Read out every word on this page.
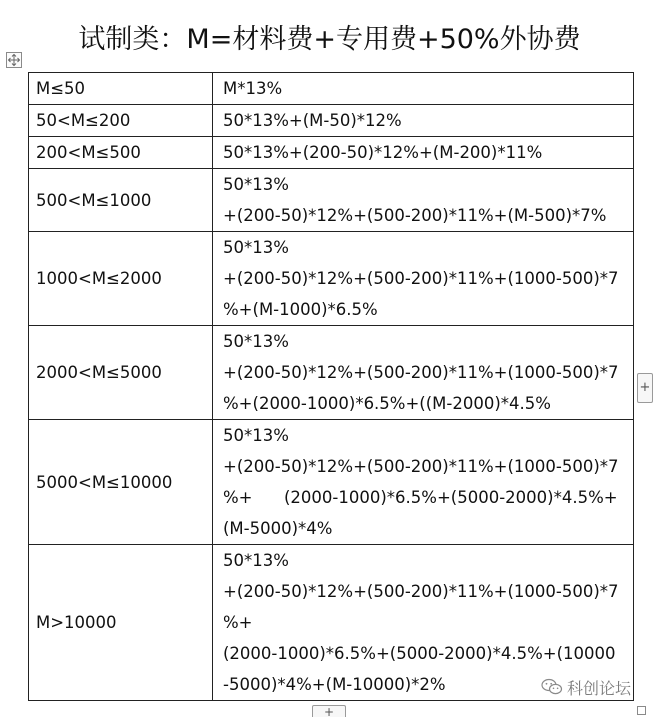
试制类：M=材料费+专用费+50%外协费
M≤50	M*13%

50<M≤200	50*13%+(M-50)*12%

200<M≤500	50*13%+(200-50)*12%+(M-200)*11%

500<M≤1000	50*13%
+(200-50)*12%+(500-200)*11%+(M-500)*7%

1000<M≤2000	50*13%
+(200-50)*12%+(500-200)*11%+(1000-500)*7
%+(M-1000)*6.5%

2000<M≤5000	50*13%
+(200-50)*12%+(500-200)*11%+(1000-500)*7
%+(2000-1000)*6.5%+((M-2000)*4.5%

5000<M≤10000	50*13%
+(200-50)*12%+(500-200)*11%+(1000-500)*7
%+      (2000-1000)*6.5%+(5000-2000)*4.5%+
(M-5000)*4%

M>10000	50*13%
+(200-50)*12%+(500-200)*11%+(1000-500)*7
%+
(2000-1000)*6.5%+(5000-2000)*4.5%+(10000
-5000)*4%+(M-10000)*2%
+
+
科创论坛
